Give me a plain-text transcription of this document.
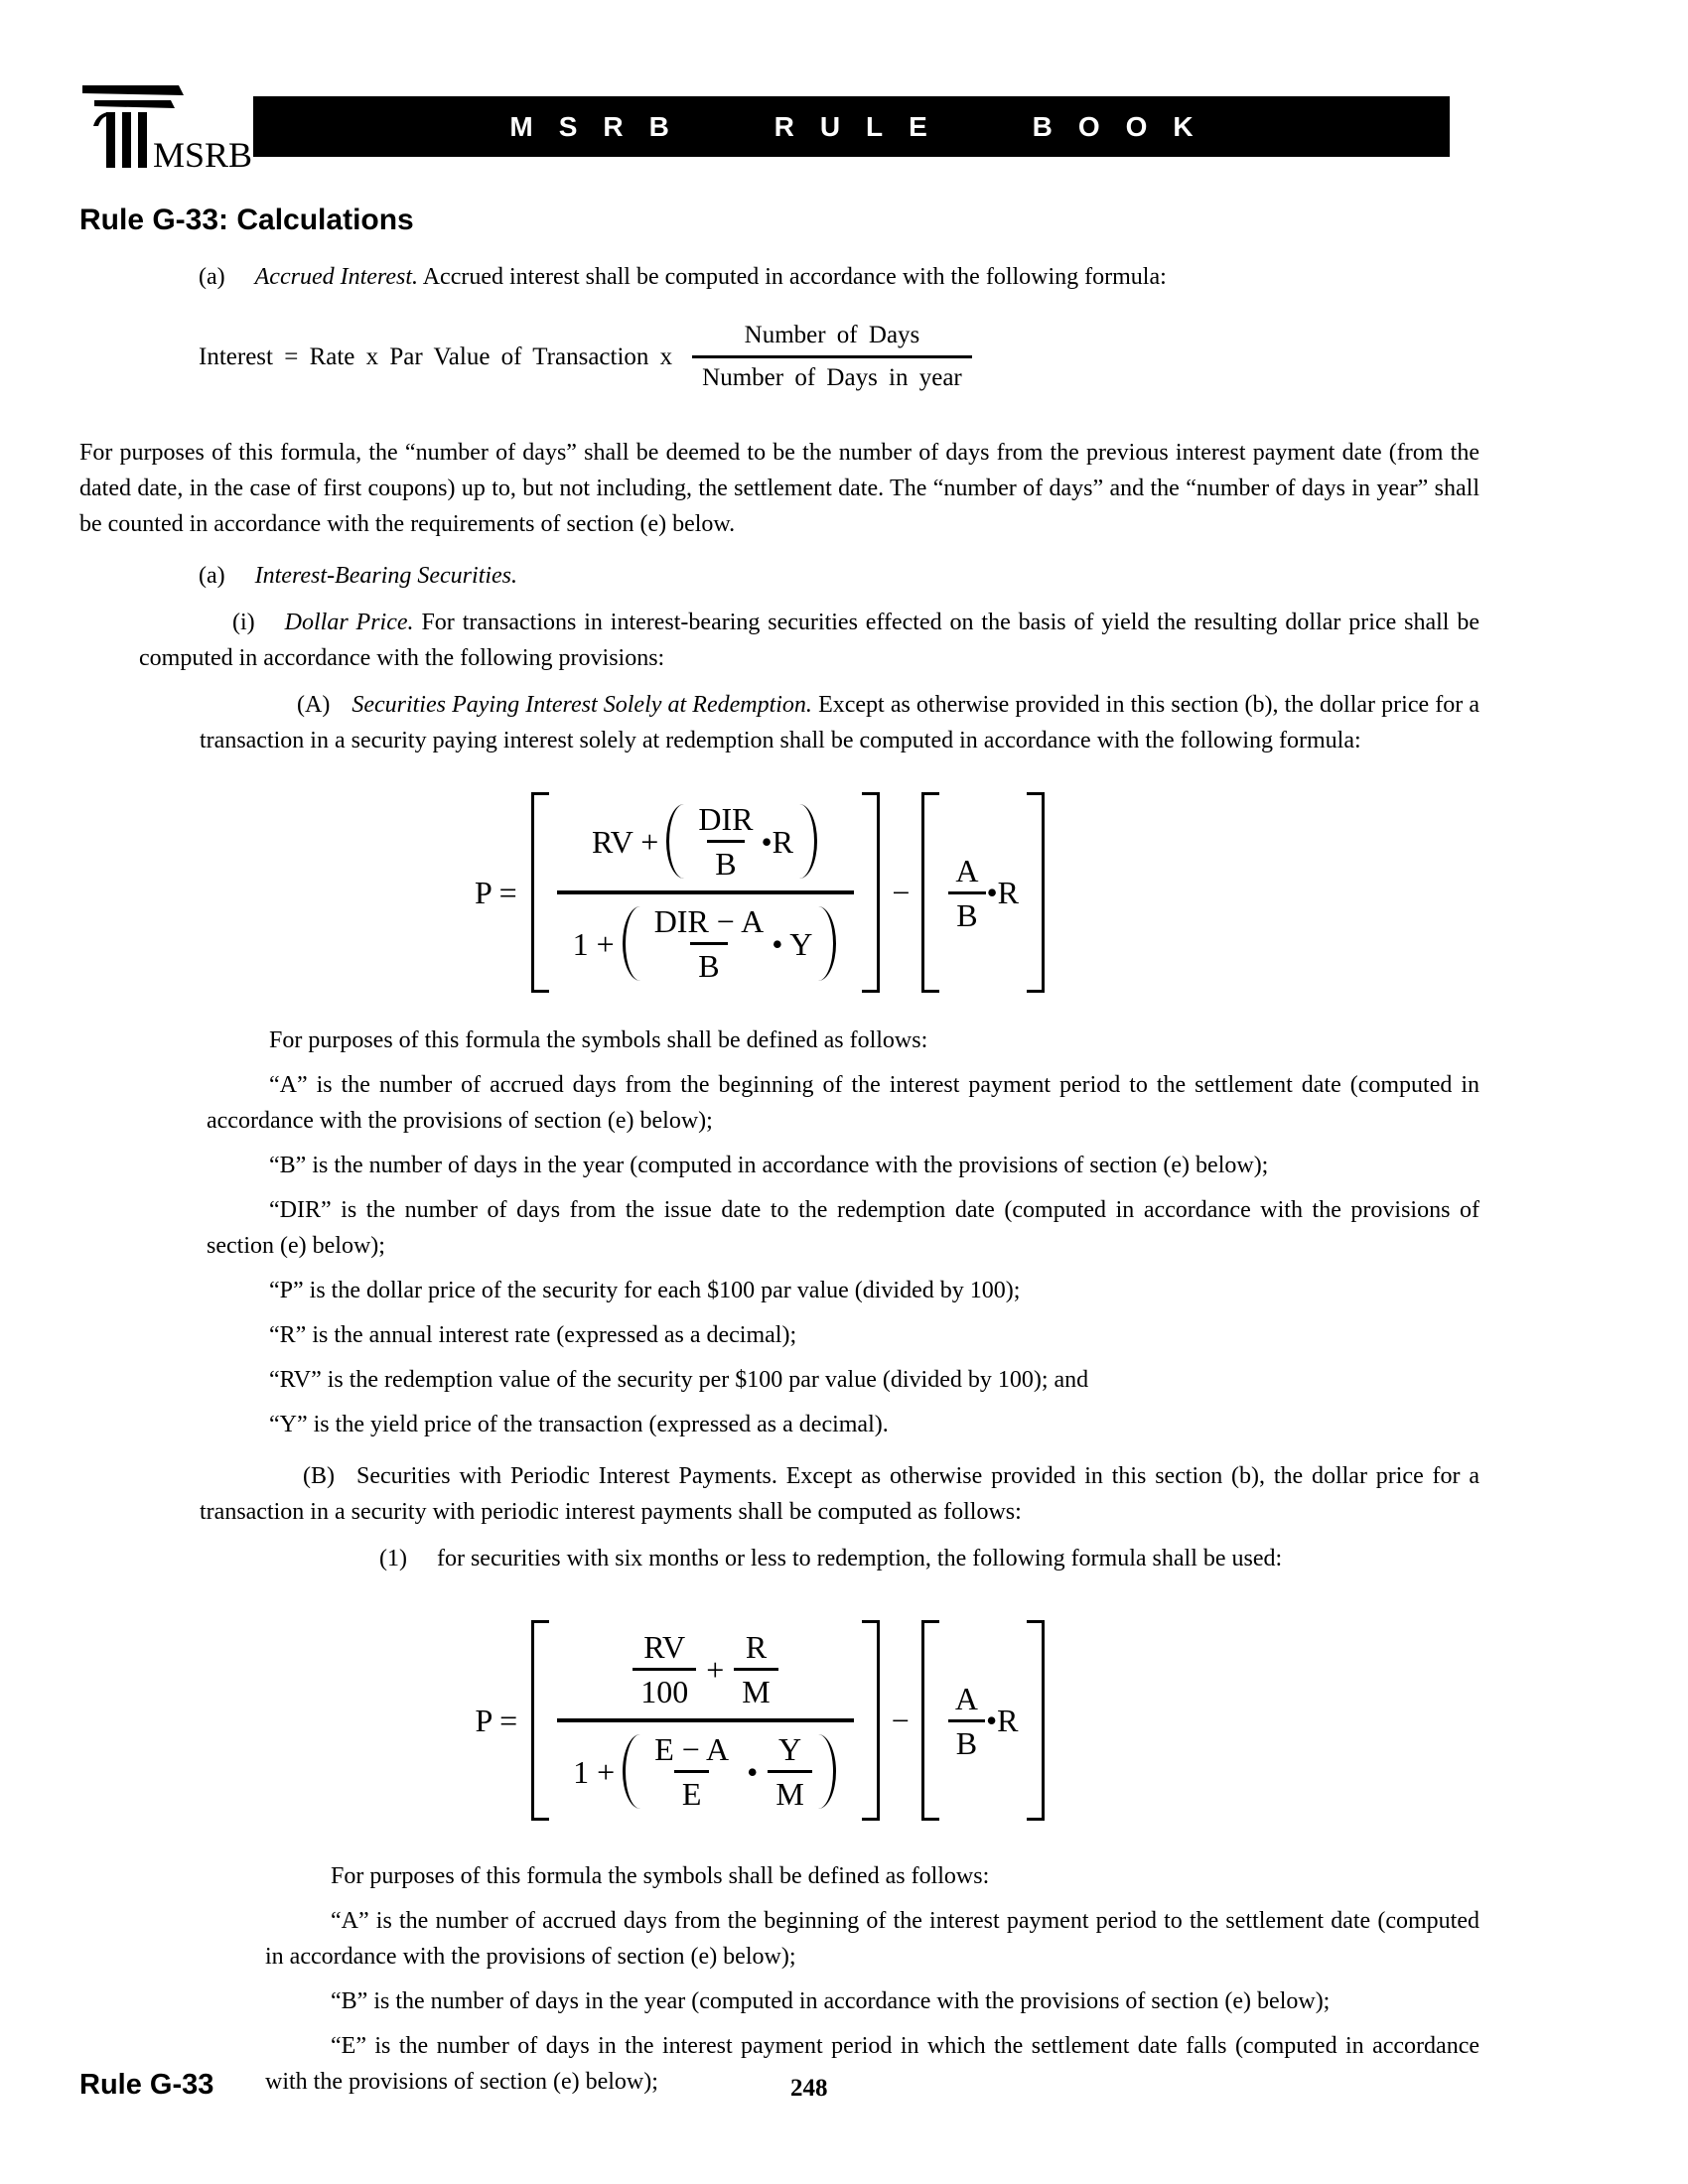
MSRB
MSRB RULE BOOK
Rule G-33: Calculations

(a) Accrued Interest. Accrued interest shall be computed in accordance with the following formula:

Interest = Rate x Par Value of Transaction x $\frac{\text{Number of Days}}{\text{Number of Days in year}}$

For purposes of this formula, the “number of days” shall be deemed to be the number of days from the previous interest payment date (from the dated date, in the case of first coupons) up to, but not including, the settlement date. The “number of days” and the “number of days in year” shall be counted in accordance with the requirements of section (e) below.

(a) Interest-Bearing Securities.

(i) Dollar Price. For transactions in interest-bearing securities effected on the basis of yield the resulting dollar price shall be computed in accordance with the following provisions:

(A) Securities Paying Interest Solely at Redemption. Except as otherwise provided in this section (b), the dollar price for a transaction in a security paying interest solely at redemption shall be computed in accordance with the following formula:

P =
RV + $\frac{\text{DIR}}{B}$ •R
$1 + \frac{\text{DIR − A}}{B}$ • Y
− $\frac{A}{B}$ •R

For purposes of this formula the symbols shall be defined as follows:

“A” is the number of accrued days from the beginning of the interest payment period to the settlement date (computed in accordance with the provisions of section (e) below);

“B” is the number of days in the year (computed in accordance with the provisions of section (e) below);

“DIR” is the number of days from the issue date to the redemption date (computed in accordance with the provisions of section (e) below);

“P” is the dollar price of the security for each $100 par value (divided by 100);

“R” is the annual interest rate (expressed as a decimal);

“RV” is the redemption value of the security per $100 par value (divided by 100); and

“Y” is the yield price of the transaction (expressed as a decimal).

(B) Securities with Periodic Interest Payments. Except as otherwise provided in this section (b), the dollar price for a transaction in a security with periodic interest payments shall be computed as follows:

(1) for securities with six months or less to redemption, the following formula shall be used:

P =
$\frac{RV}{100} + \frac{R}{M}$
$1 + \frac{E - A}{E}$ • $\frac{Y}{M}$
− $\frac{A}{B}$ •R

For purposes of this formula the symbols shall be defined as follows:

“A” is the number of accrued days from the beginning of the interest payment period to the settlement date (computed in accordance with the provisions of section (e) below);

“B” is the number of days in the year (computed in accordance with the provisions of section (e) below);

“E” is the number of days in the interest payment period in which the settlement date falls (computed in accordance with the provisions of section (e) below);

Rule G-33	248
